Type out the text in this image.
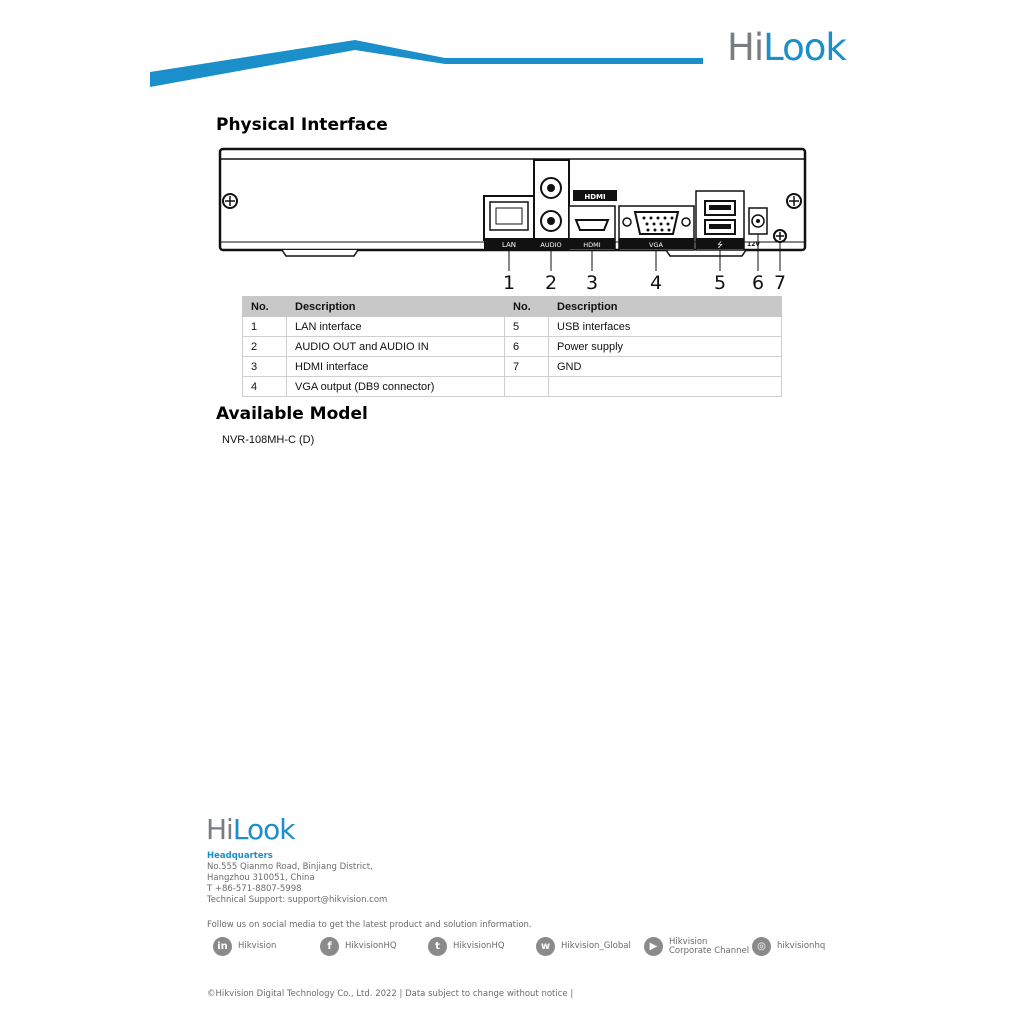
HiLook
Physical Interface
LAN	AUDIO
HDMI
HDMI	VGA	⭍	12V
1 2 3	4	5 6 7
No.	Description	No.	Description
1	LAN interface	5	USB interfaces
2	AUDIO OUT and AUDIO IN	6	Power supply
3	HDMI interface	7	GND
4	VGA output (DB9 connector)		
Available Model
NVR-108MH-C (D)
HiLook
Headquarters
No.555 Qianmo Road, Binjiang District,
Hangzhou 310051, China
T +86-571-8807-5998
Technical Support: support@hikvision.com
Follow us on social media to get the latest product and solution information.
in	Hikvision	f	HikvisionHQ	t	HikvisionHQ	w	Hikvision_Global	▶	Hikvision
Corporate Channel ◎	hikvisionhq
©Hikvision Digital Technology Co., Ltd. 2022 | Data subject to change without notice |
